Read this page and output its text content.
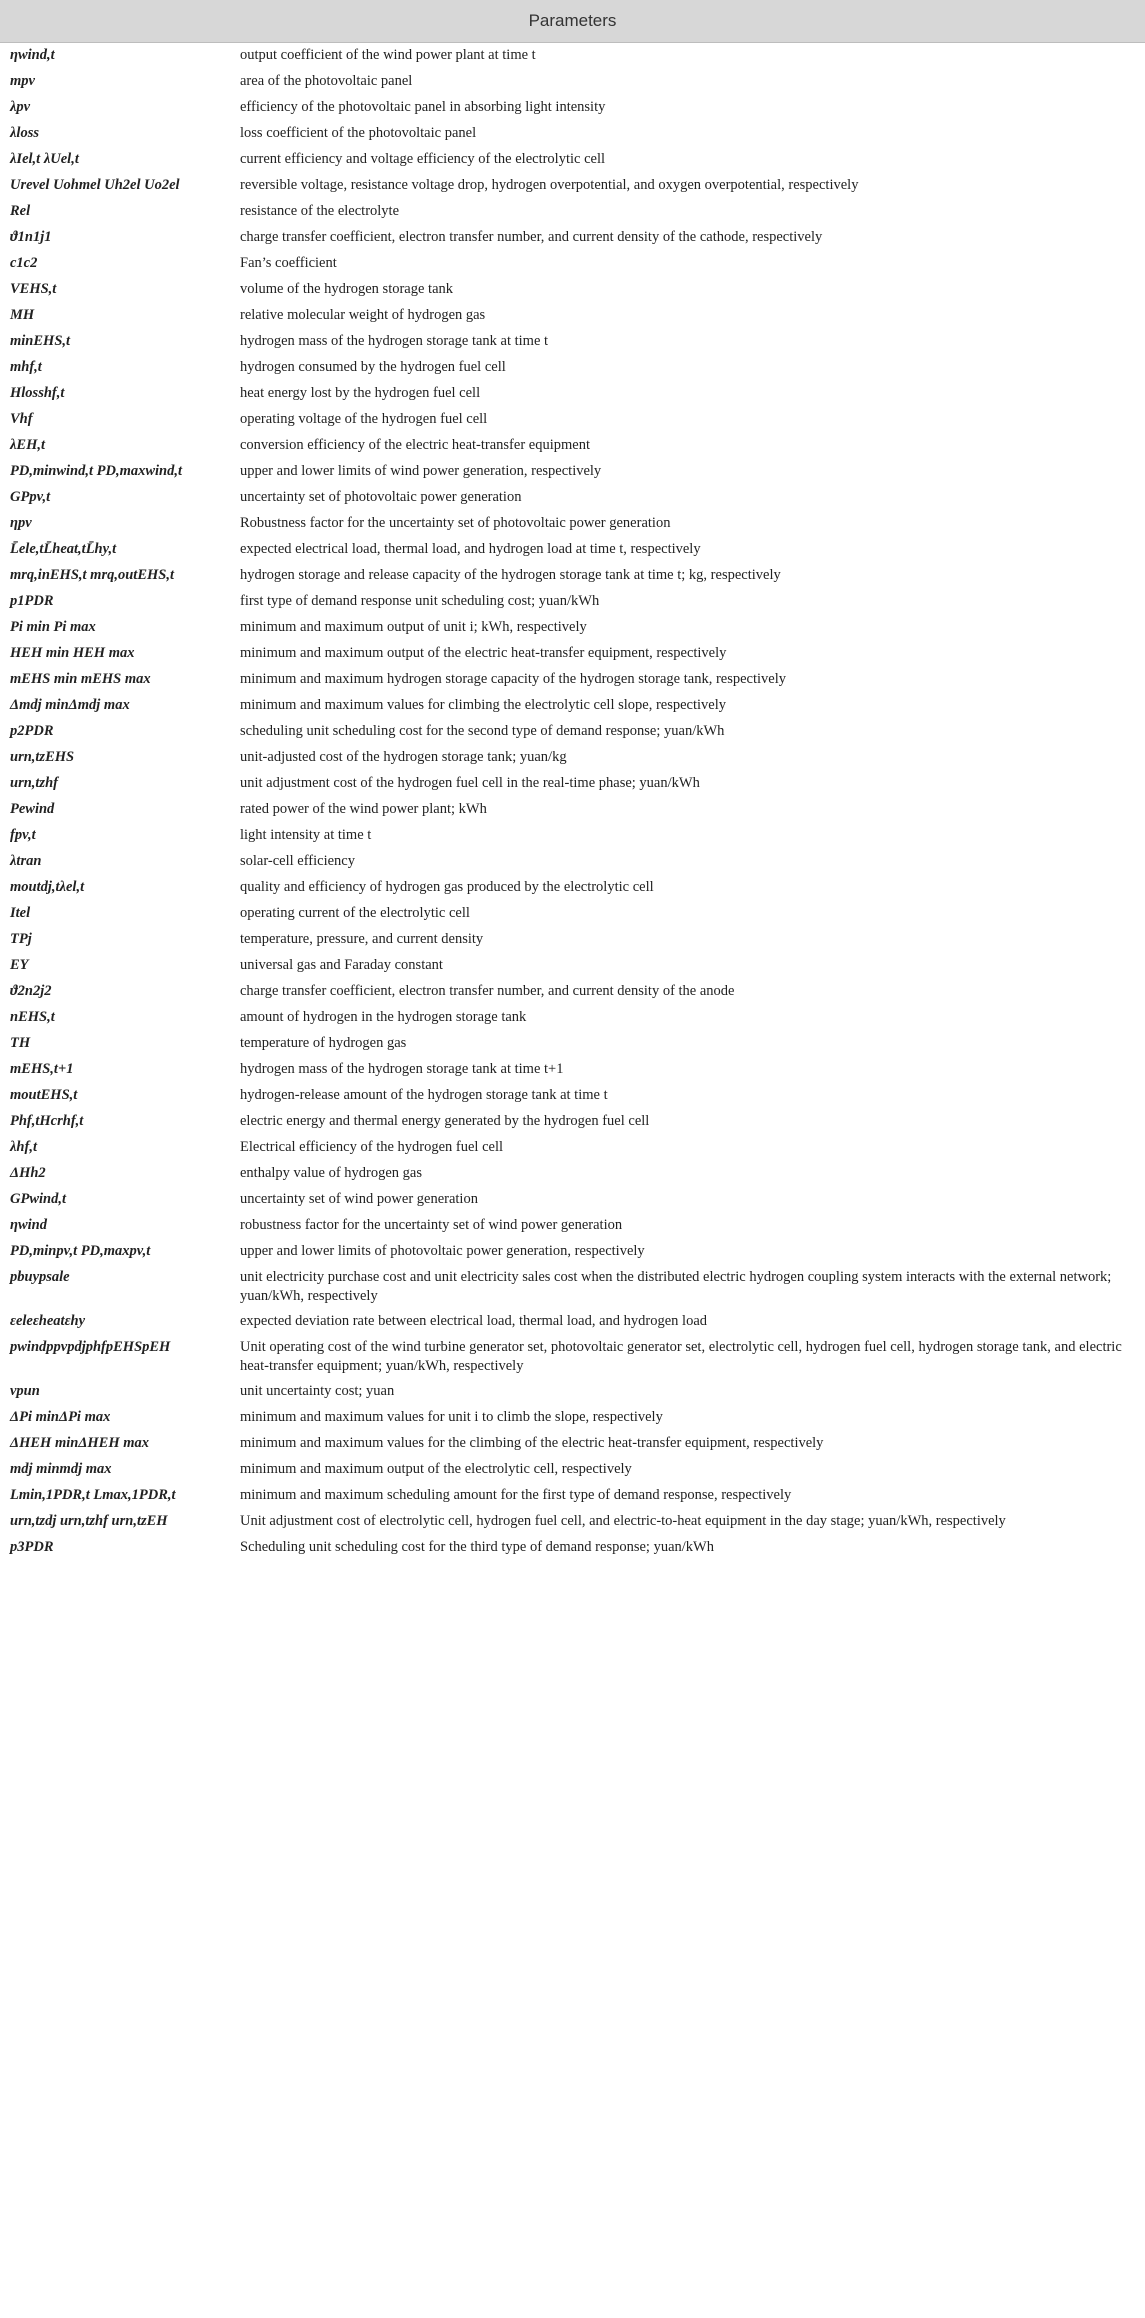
Parameters
ηwind,t	output coefficient of the wind power plant at time t
mpv	area of the photovoltaic panel
λpv	efficiency of the photovoltaic panel in absorbing light intensity
λloss	loss coefficient of the photovoltaic panel
λIel,t λUel,t	current efficiency and voltage efficiency of the electrolytic cell
Urevel Uohmel Uh2el Uo2el	reversible voltage, resistance voltage drop, hydrogen overpotential, and oxygen overpotential, respectively
Rel	resistance of the electrolyte
ϑ1n1j1	charge transfer coefficient, electron transfer number, and current density of the cathode, respectively
c1c2	Fan’s coefficient
VEHS,t	volume of the hydrogen storage tank
MH	relative molecular weight of hydrogen gas
minEHS,t	hydrogen mass of the hydrogen storage tank at time t
mhf,t	hydrogen consumed by the hydrogen fuel cell
Hlosshf,t	heat energy lost by the hydrogen fuel cell
Vhf	operating voltage of the hydrogen fuel cell
λEH,t	conversion efficiency of the electric heat-transfer equipment
PD,minwind,t PD,maxwind,t	upper and lower limits of wind power generation, respectively
GPpv,t	uncertainty set of photovoltaic power generation
ηpv	Robustness factor for the uncertainty set of photovoltaic power generation
L̄ele,tL̄heat,tL̄hy,t	expected electrical load, thermal load, and hydrogen load at time t, respectively
mrq,inEHS,t mrq,outEHS,t	hydrogen storage and release capacity of the hydrogen storage tank at time t; kg, respectively
p1PDR	first type of demand response unit scheduling cost; yuan/kWh
Pi min Pi max	minimum and maximum output of unit i; kWh, respectively
HEH min HEH max	minimum and maximum output of the electric heat-transfer equipment, respectively
mEHS min mEHS max	minimum and maximum hydrogen storage capacity of the hydrogen storage tank, respectively
Δmdj minΔmdj max	minimum and maximum values for climbing the electrolytic cell slope, respectively
p2PDR	scheduling unit scheduling cost for the second type of demand response; yuan/kWh
urn,tzEHS	unit-adjusted cost of the hydrogen storage tank; yuan/kg
urn,tzhf	unit adjustment cost of the hydrogen fuel cell in the real-time phase; yuan/kWh
Pewind	rated power of the wind power plant; kWh
fpv,t	light intensity at time t
λtran	solar-cell efficiency
moutdj,tλel,t	quality and efficiency of hydrogen gas produced by the electrolytic cell
Itel	operating current of the electrolytic cell
TPj	temperature, pressure, and current density
EY	universal gas and Faraday constant
ϑ2n2j2	charge transfer coefficient, electron transfer number, and current density of the anode
nEHS,t	amount of hydrogen in the hydrogen storage tank
TH	temperature of hydrogen gas
mEHS,t+1	hydrogen mass of the hydrogen storage tank at time t+1
moutEHS,t	hydrogen-release amount of the hydrogen storage tank at time t
Phf,tHcrhf,t	electric energy and thermal energy generated by the hydrogen fuel cell
λhf,t	Electrical efficiency of the hydrogen fuel cell
ΔHh2	enthalpy value of hydrogen gas
GPwind,t	uncertainty set of wind power generation
ηwind	robustness factor for the uncertainty set of wind power generation
PD,minpv,t PD,maxpv,t	upper and lower limits of photovoltaic power generation, respectively
pbuypsale	unit electricity purchase cost and unit electricity sales cost when the distributed electric hydrogen coupling system interacts with the external network; yuan/kWh, respectively
εeleεheatεhy	expected deviation rate between electrical load, thermal load, and hydrogen load
pwindppvpdjphfpEHSpEH	Unit operating cost of the wind turbine generator set, photovoltaic generator set, electrolytic cell, hydrogen fuel cell, hydrogen storage tank, and electric heat-transfer equipment; yuan/kWh, respectively
νpun	unit uncertainty cost; yuan
ΔPi minΔPi max	minimum and maximum values for unit i to climb the slope, respectively
ΔHEH minΔHEH max	minimum and maximum values for the climbing of the electric heat-transfer equipment, respectively
mdj minmdj max	minimum and maximum output of the electrolytic cell, respectively
Lmin,1PDR,t Lmax,1PDR,t	minimum and maximum scheduling amount for the first type of demand response, respectively
urn,tzdj urn,tzhf urn,tzEH	Unit adjustment cost of electrolytic cell, hydrogen fuel cell, and electric-to-heat equipment in the day stage; yuan/kWh, respectively
p3PDR	Scheduling unit scheduling cost for the third type of demand response; yuan/kWh
